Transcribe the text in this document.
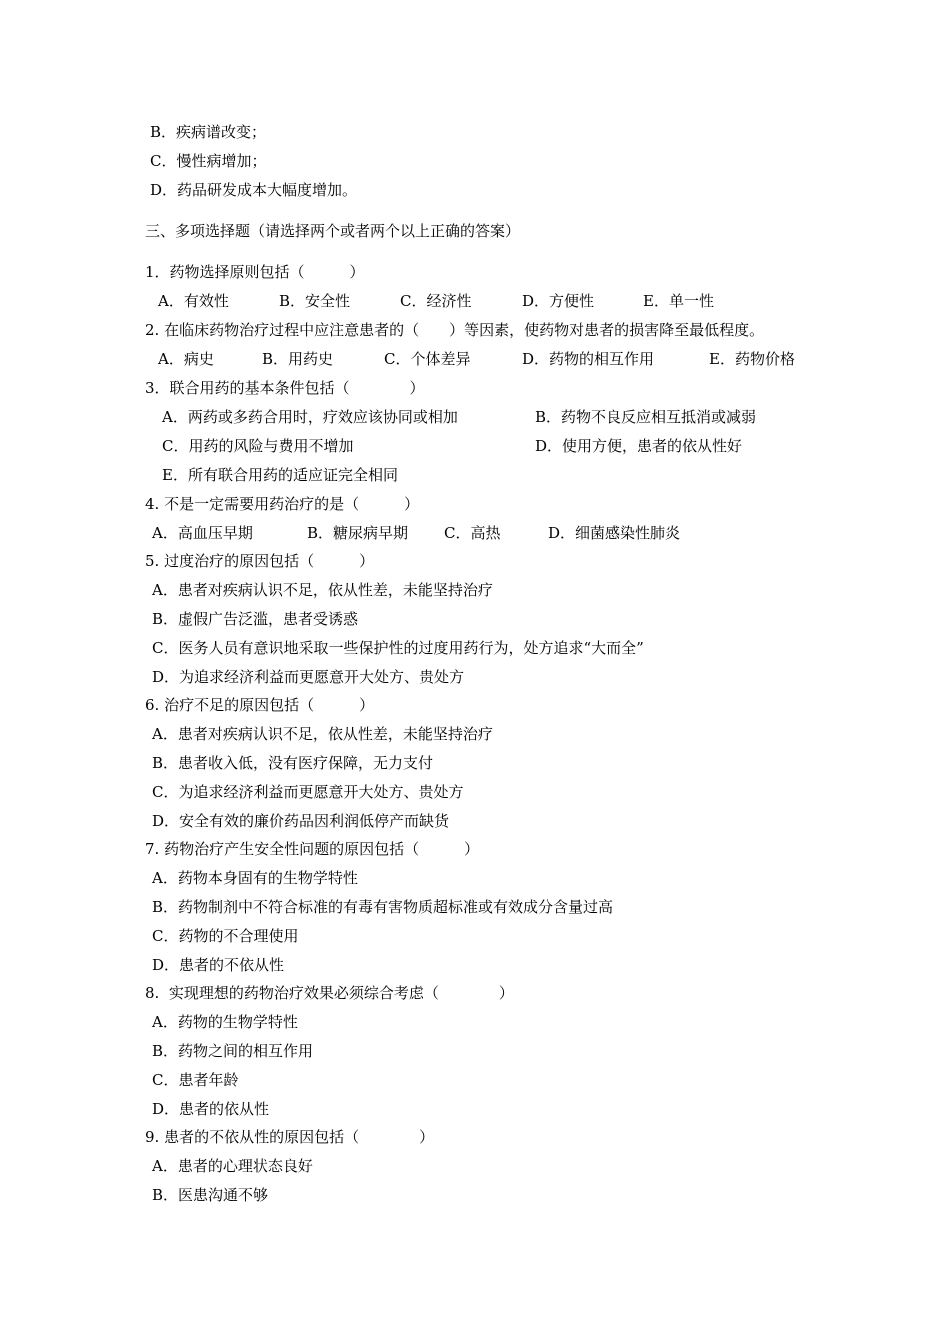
B．疾病谱改变；
C．慢性病增加；
D．药品研发成本大幅度增加。
三、多项选择题（请选择两个或者两个以上正确的答案）
1．药物选择原则包括（　　　）
A．有效性	B．安全性	C．经济性	D．方便性	E．单一性
2. 在临床药物治疗过程中应注意患者的（　　）等因素，使药物对患者的损害降至最低程度。
A．病史	B．用药史	C．个体差异	D．药物的相互作用	E．药物价格
3．联合用药的基本条件包括（　　　　）
A．两药或多药合用时，疗效应该协同或相加	B．药物不良反应相互抵消或减弱
C．用药的风险与费用不增加	D．使用方便，患者的依从性好
E．所有联合用药的适应证完全相同
4. 不是一定需要用药治疗的是（　　　）
A．高血压早期	B．糖尿病早期 C．高热	D．细菌感染性肺炎
5. 过度治疗的原因包括（　　　）
A．患者对疾病认识不足，依从性差，未能坚持治疗
B．虚假广告泛滥，患者受诱惑
C．医务人员有意识地采取一些保护性的过度用药行为，处方追求“大而全”
D．为追求经济利益而更愿意开大处方、贵处方
6. 治疗不足的原因包括（　　　）
A．患者对疾病认识不足，依从性差，未能坚持治疗
B．患者收入低，没有医疗保障，无力支付
C．为追求经济利益而更愿意开大处方、贵处方
D．安全有效的廉价药品因利润低停产而缺货
7. 药物治疗产生安全性问题的原因包括（　　　）
A．药物本身固有的生物学特性
B．药物制剂中不符合标准的有毒有害物质超标准或有效成分含量过高
C．药物的不合理使用
D．患者的不依从性
8.  实现理想的药物治疗效果必须综合考虑（　　　　）
A．药物的生物学特性
B．药物之间的相互作用
C．患者年龄
D．患者的依从性
9. 患者的不依从性的原因包括（　　　　）
A．患者的心理状态良好
B．医患沟通不够
